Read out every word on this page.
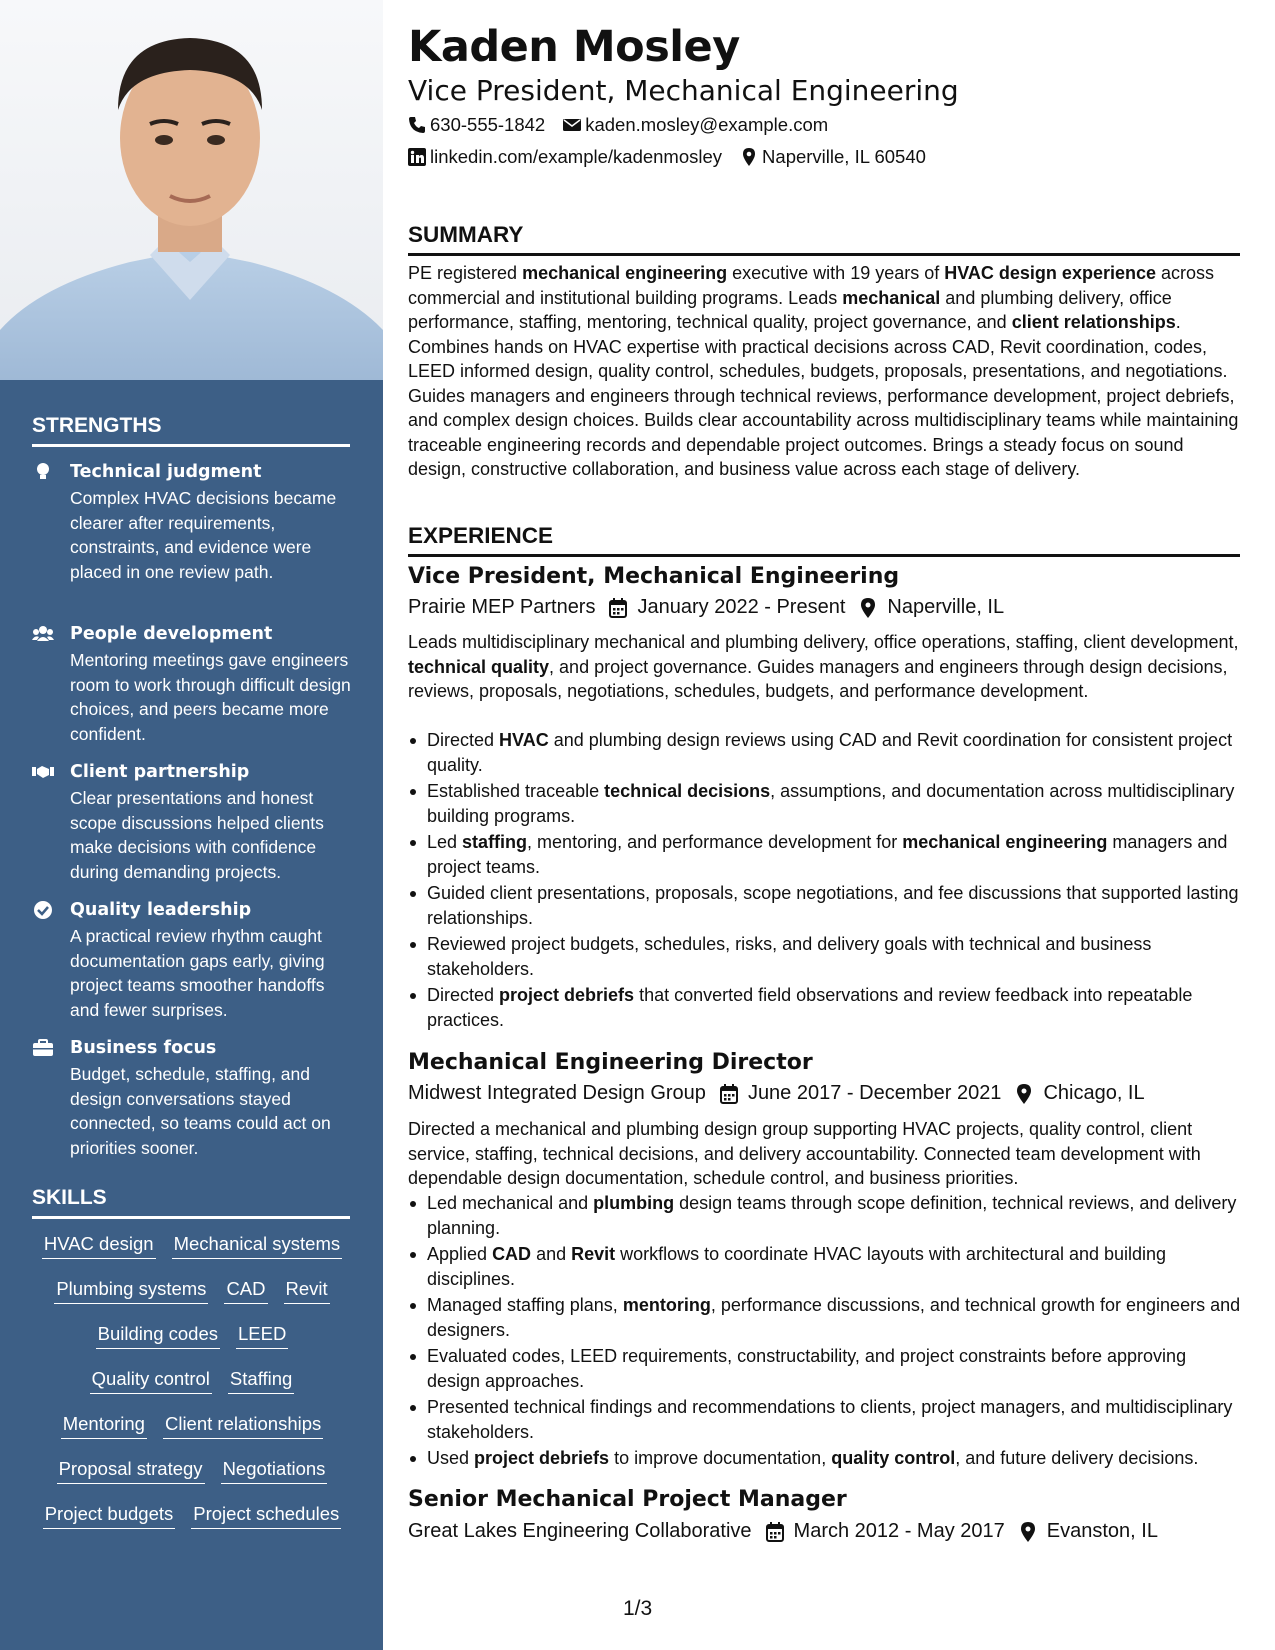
STRENGTHS
Technical judgment
Complex HVAC decisions became clearer after requirements, constraints, and evidence were placed in one review path.
People development
Mentoring meetings gave engineers room to work through difficult design choices, and peers became more confident.
Client partnership
Clear presentations and honest scope discussions helped clients make decisions with confidence during demanding projects.
Quality leadership
A practical review rhythm caught documentation gaps early, giving project teams smoother handoffs and fewer surprises.
Business focus
Budget, schedule, staffing, and design conversations stayed connected, so teams could act on priorities sooner.
SKILLS
HVAC design Mechanical systems
Plumbing systems CAD Revit
Building codes LEED
Quality control Staffing
Mentoring Client relationships
Proposal strategy Negotiations
Project budgets Project schedules
Kaden Mosley
Vice President, Mechanical Engineering
630-555-1842 kaden.mosley@example.com
linkedin.com/example/kadenmosley Naperville, IL 60540
SUMMARY
PE registered mechanical engineering executive with 19 years of HVAC design experience across commercial and institutional building programs. Leads mechanical and plumbing delivery, office performance, staffing, mentoring, technical quality, project governance, and client relationships. Combines hands on HVAC expertise with practical decisions across CAD, Revit coordination, codes, LEED informed design, quality control, schedules, budgets, proposals, presentations, and negotiations. Guides managers and engineers through technical reviews, performance development, project debriefs, and complex design choices. Builds clear accountability across multidisciplinary teams while maintaining traceable engineering records and dependable project outcomes. Brings a steady focus on sound design, constructive collaboration, and business value across each stage of delivery.
EXPERIENCE
Vice President, Mechanical Engineering
Prairie MEP Partners January 2022 - Present Naperville, IL
Leads multidisciplinary mechanical and plumbing delivery, office operations, staffing, client development, technical quality, and project governance. Guides managers and engineers through design decisions, reviews, proposals, negotiations, schedules, budgets, and performance development.
Directed HVAC and plumbing design reviews using CAD and Revit coordination for consistent project quality.
Established traceable technical decisions, assumptions, and documentation across multidisciplinary building programs.
Led staffing, mentoring, and performance development for mechanical engineering managers and project teams.
Guided client presentations, proposals, scope negotiations, and fee discussions that supported lasting relationships.
Reviewed project budgets, schedules, risks, and delivery goals with technical and business stakeholders.
Directed project debriefs that converted field observations and review feedback into repeatable practices.
Mechanical Engineering Director
Midwest Integrated Design Group June 2017 - December 2021 Chicago, IL
Directed a mechanical and plumbing design group supporting HVAC projects, quality control, client service, staffing, technical decisions, and delivery accountability. Connected team development with dependable design documentation, schedule control, and business priorities.
Led mechanical and plumbing design teams through scope definition, technical reviews, and delivery planning.
Applied CAD and Revit workflows to coordinate HVAC layouts with architectural and building disciplines.
Managed staffing plans, mentoring, performance discussions, and technical growth for engineers and designers.
Evaluated codes, LEED requirements, constructability, and project constraints before approving design approaches.
Presented technical findings and recommendations to clients, project managers, and multidisciplinary stakeholders.
Used project debriefs to improve documentation, quality control, and future delivery decisions.
Senior Mechanical Project Manager
Great Lakes Engineering Collaborative March 2012 - May 2017 Evanston, IL
1/3
